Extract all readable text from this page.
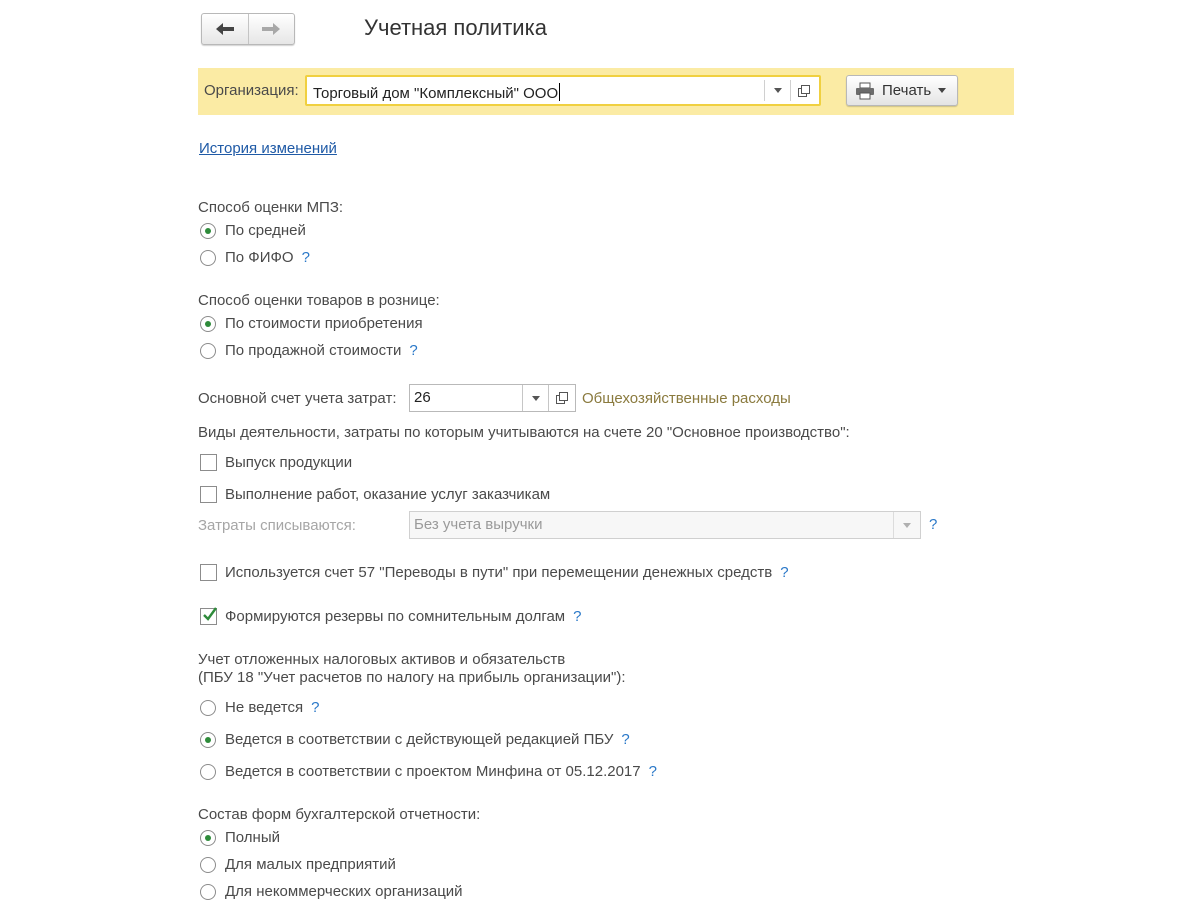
Учетная политика
Организация: Торговый дом "Комплексный" ООО	Печать
История изменений
Способ оценки МПЗ:
По средней
По ФИФО ?
Способ оценки товаров в рознице:
По стоимости приобретения
По продажной стоимости ?
Основной счет учета затрат: 26	Общехозяйственные расходы
Виды деятельности, затраты по которым учитываются на счете 20 "Основное производство":
Выпуск продукции
Выполнение работ, оказание услуг заказчикам
Затраты списываются:	Без учета выручки	?
Используется счет 57 "Переводы в пути" при перемещении денежных средств ?
Формируются резервы по сомнительным долгам ?
Учет отложенных налоговых активов и обязательств
(ПБУ 18 "Учет расчетов по налогу на прибыль организации"):
Не ведется ?
Ведется в соответствии с действующей редакцией ПБУ ?
Ведется в соответствии с проектом Минфина от 05.12.2017 ?
Состав форм бухгалтерской отчетности:
Полный
Для малых предприятий
Для некоммерческих организаций
